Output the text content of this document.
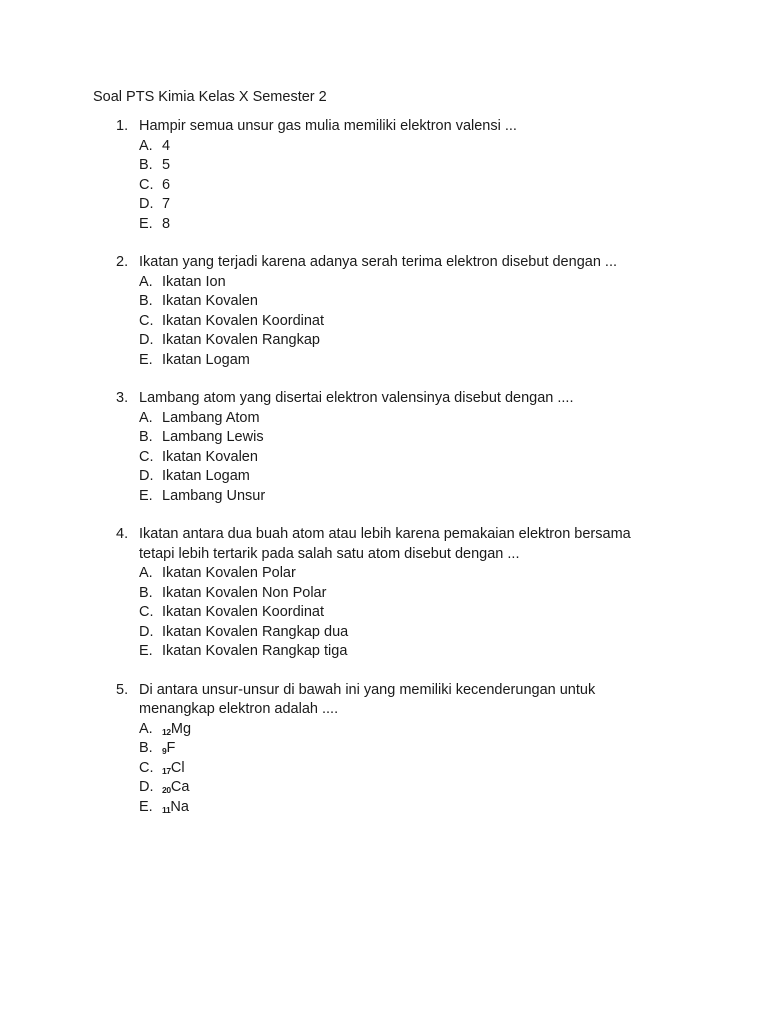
Soal PTS Kimia Kelas X Semester 2
1. Hampir semua unsur gas mulia memiliki elektron valensi ...
A. 4
B. 5
C. 6
D. 7
E. 8
2. Ikatan yang terjadi karena adanya serah terima elektron disebut dengan ...
A. Ikatan Ion
B. Ikatan Kovalen
C. Ikatan Kovalen Koordinat
D. Ikatan Kovalen Rangkap
E. Ikatan Logam
3. Lambang atom yang disertai elektron valensinya disebut dengan ....
A. Lambang Atom
B. Lambang Lewis
C. Ikatan Kovalen
D. Ikatan Logam
E. Lambang Unsur
4. Ikatan antara dua buah atom atau lebih karena pemakaian elektron bersama
tetapi lebih tertarik pada salah satu atom disebut dengan ...
A. Ikatan Kovalen Polar
B. Ikatan Kovalen Non Polar
C. Ikatan Kovalen Koordinat
D. Ikatan Kovalen Rangkap dua
E. Ikatan Kovalen Rangkap tiga
5. Di antara unsur-unsur di bawah ini yang memiliki kecenderungan untuk
menangkap elektron adalah ....
A. $_{12}$Mg
B. $_9$F
C. $_{17}$Cl
D. $_{20}$Ca
E. $_{11}$Na
